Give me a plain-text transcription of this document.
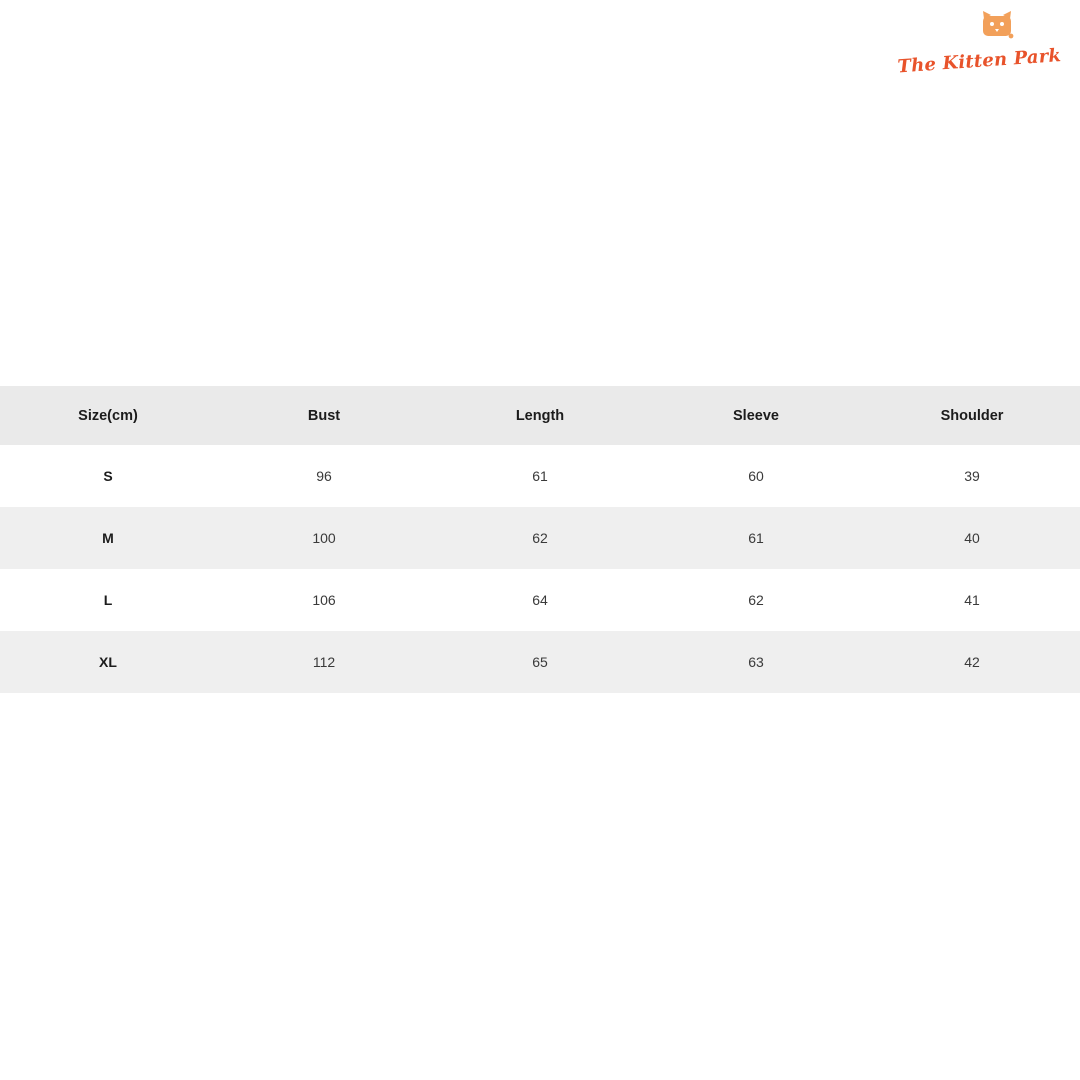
The Kitten Park
Size(cm)	Bust	Length	Sleeve	Shoulder
S	96	61	60	39
M	100	62	61	40
L	106	64	62	41
XL	112	65	63	42
